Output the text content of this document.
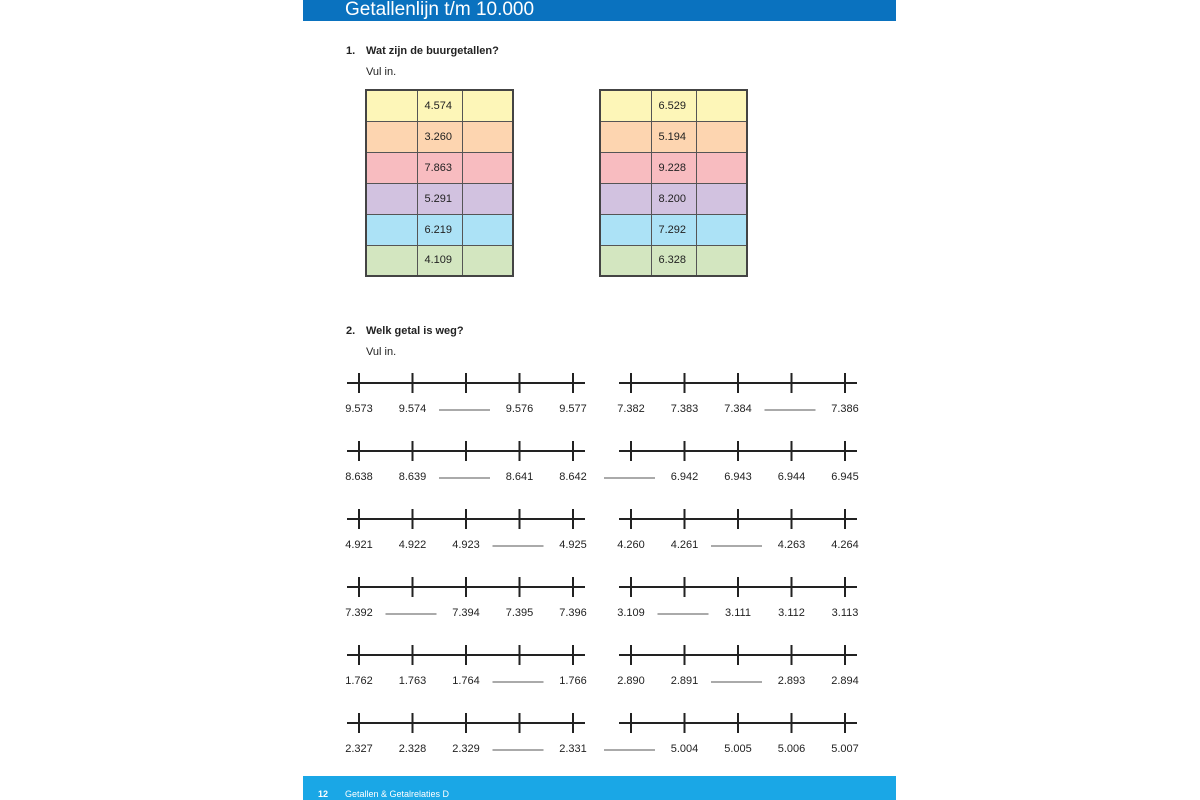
Getallenlijn t/m 10.000
1. Wat zijn de buurgetallen?
Vul in.
	4.574	
	3.260	
	7.863	
	5.291	
	6.219	
	4.109	
	6.529	
	5.194	
	9.228	
	8.200	
	7.292	
	6.328	
2. Welk getal is weg?
Vul in.
9.573 9.574	9.576 9.577
8.638 8.639	8.641 8.642
4.921 4.922 4.923	4.925
7.392	7.394 7.395 7.396
1.762 1.763 1.764	1.766
2.327 2.328 2.329	2.331
7.382 7.383 7.384	7.386
6.942 6.943 6.944 6.945
4.260 4.261	4.263 4.264
3.109	3.111 3.112 3.113
2.890 2.891	2.893 2.894
5.004 5.005 5.006 5.007
12 Getallen & Getalrelaties D
